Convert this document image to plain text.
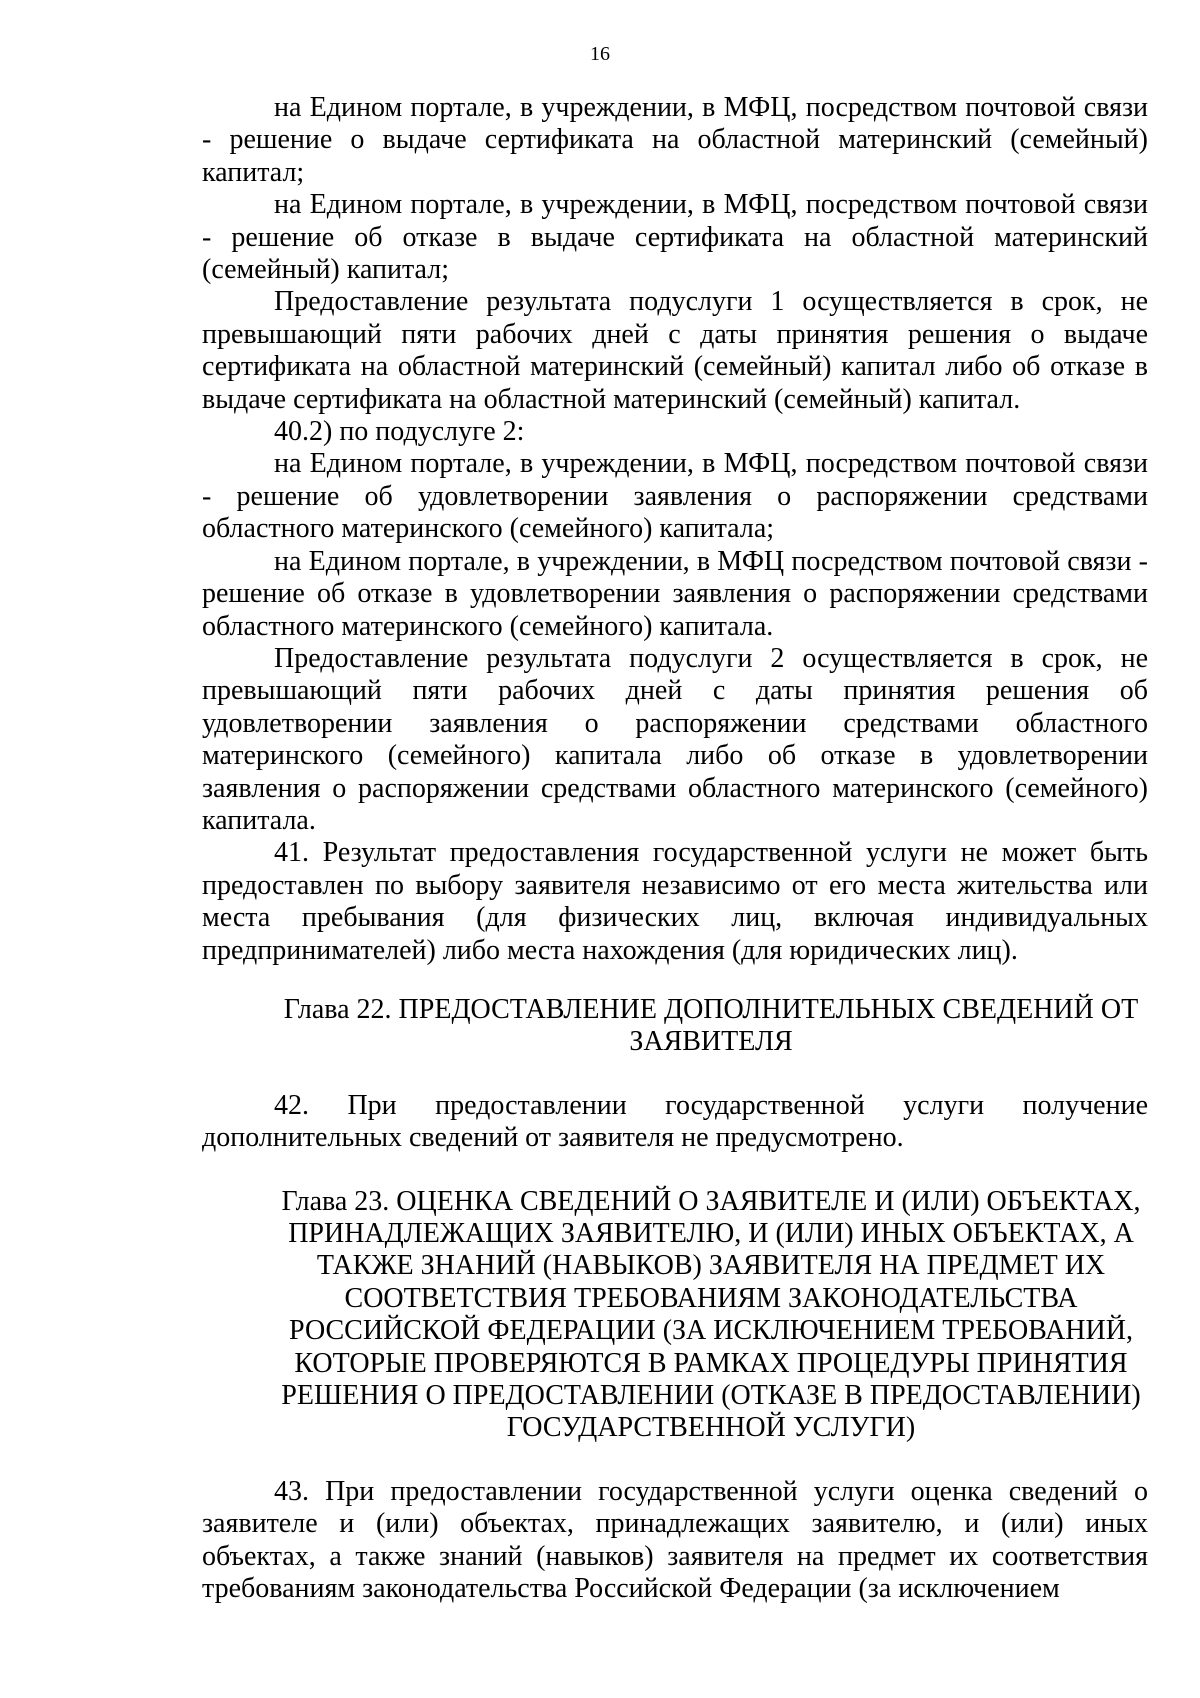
16

на Едином портале, в учреждении, в МФЦ, посредством почтовой связи - решение о выдаче сертификата на областной материнский (семейный) капитал;

на Едином портале, в учреждении, в МФЦ, посредством почтовой связи - решение об отказе в выдаче сертификата на областной материнский (семейный) капитал;

Предоставление результата подуслуги 1 осуществляется в срок, не превышающий пяти рабочих дней с даты принятия решения о выдаче сертификата на областной материнский (семейный) капитал либо об отказе в выдаче сертификата на областной материнский (семейный) капитал.

40.2) по подуслуге 2:

на Едином портале, в учреждении, в МФЦ, посредством почтовой связи - решение об удовлетворении заявления о распоряжении средствами областного материнского (семейного) капитала;

на Едином портале, в учреждении, в МФЦ посредством почтовой связи - решение об отказе в удовлетворении заявления о распоряжении средствами областного материнского (семейного) капитала.

Предоставление результата подуслуги 2 осуществляется в срок, не превышающий пяти рабочих дней с даты принятия решения об удовлетворении заявления о распоряжении средствами областного материнского (семейного) капитала либо об отказе в удовлетворении заявления о распоряжении средствами областного материнского (семейного) капитала.

41. Результат предоставления государственной услуги не может быть предоставлен по выбору заявителя независимо от его места жительства или места пребывания (для физических лиц, включая индивидуальных предпринимателей) либо места нахождения (для юридических лиц).

Глава 22. ПРЕДОСТАВЛЕНИЕ ДОПОЛНИТЕЛЬНЫХ СВЕДЕНИЙ ОТ ЗАЯВИТЕЛЯ

42. При предоставлении государственной услуги получение дополнительных сведений от заявителя не предусмотрено.

Глава 23. ОЦЕНКА СВЕДЕНИЙ О ЗАЯВИТЕЛЕ И (ИЛИ) ОБЪЕКТАХ, ПРИНАДЛЕЖАЩИХ ЗАЯВИТЕЛЮ, И (ИЛИ) ИНЫХ ОБЪЕКТАХ, А ТАКЖЕ ЗНАНИЙ (НАВЫКОВ) ЗАЯВИТЕЛЯ НА ПРЕДМЕТ ИХ СООТВЕТСТВИЯ ТРЕБОВАНИЯМ ЗАКОНОДАТЕЛЬСТВА РОССИЙСКОЙ ФЕДЕРАЦИИ (ЗА ИСКЛЮЧЕНИЕМ ТРЕБОВАНИЙ, КОТОРЫЕ ПРОВЕРЯЮТСЯ В РАМКАХ ПРОЦЕДУРЫ ПРИНЯТИЯ РЕШЕНИЯ О ПРЕДОСТАВЛЕНИИ (ОТКАЗЕ В ПРЕДОСТАВЛЕНИИ) ГОСУДАРСТВЕННОЙ УСЛУГИ)

43. При предоставлении государственной услуги оценка сведений о заявителе и (или) объектах, принадлежащих заявителю, и (или) иных объектах, а также знаний (навыков) заявителя на предмет их соответствия требованиям законодательства Российской Федерации (за исключением
